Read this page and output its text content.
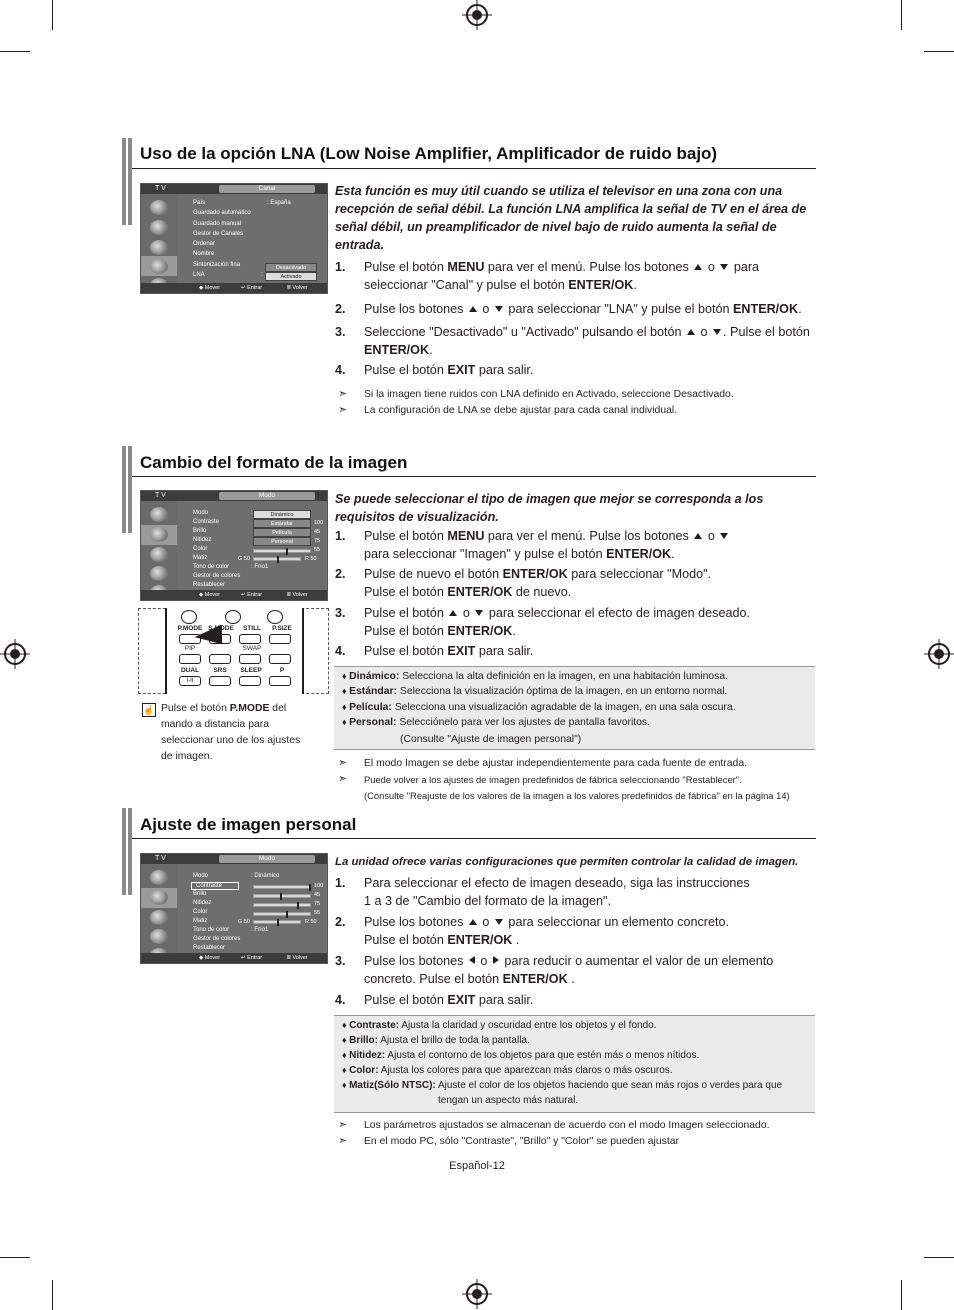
Uso de la opción LNA (Low Noise Amplifier, Amplificador de ruido bajo)
T V	Canal
País	: España
Guardado automático
Guardado manual
Gestor de Canales
Ordenar
Nombre
Sintonización fina
LNA	:
Desactivado
Activado
◆ Mover	↵ Entrar	Ⅲ Volver
Esta función es muy útil cuando se utiliza el televisor en una zona con una recepción de señal débil. La función LNA amplifica la señal de TV en el área de señal débil, un preamplificador de nivel bajo de ruido aumenta la señal de entrada.
1. Pulse el botón MENU para ver el menú. Pulse los botones  o  para seleccionar "Canal" y pulse el botón ENTER/OK.
2. Pulse los botones  o  para seleccionar "LNA" y pulse el botón ENTER/OK.
3. Seleccione "Desactivado" u "Activado" pulsando el botón  o . Pulse el botón ENTER/OK.
4. Pulse el botón EXIT para salir.
➣ Si la imagen tiene ruidos con LNA definido en Activado, seleccione Desactivado.
➣ La configuración de LNA se debe ajustar para cada canal individual.
Cambio del formato de la imagen
T V	Modo
Modo	:
Contraste
Brillo
Nitidez
Color
Matiz
Tono de color
Gestor de colores
Restablecer
Dinámico
Estándar
Película
Personal
100
45
75
55
G 50	R 50
: Frío1
◆ Mover	↵ Entrar	Ⅲ Volver
P.MODE S.MODE	STILL	P.SIZE
PIP	SWAP
DUAL	SRS	SLEEP	P
I-II
☝ Pulse el botón P.MODE del mando a distancia para seleccionar uno de los ajustes de imagen.
Se puede seleccionar el tipo de imagen que mejor se corresponda a los requisitos de visualización.
1. Pulse el botón MENU para ver el menú. Pulse los botones  o
para seleccionar "Imagen" y pulse el botón ENTER/OK.
2. Pulse de nuevo el botón ENTER/OK para seleccionar "Modo".
Pulse el botón ENTER/OK de nuevo.
3. Pulse el botón  o  para seleccionar el efecto de imagen deseado.
Pulse el botón ENTER/OK.
4. Pulse el botón EXIT para salir.
♦ Dinámico: Selecciona la alta definición en la imagen, en una habitación luminosa.
♦ Estándar: Selecciona la visualización óptima de la imagen, en un entorno normal.
♦ Película: Selecciona una visualización agradable de la imagen, en una sala oscura.
♦ Personal: Selecciónelo para ver los ajustes de pantalla favoritos.
(Consulte "Ajuste de imagen personal")
➣ El modo Imagen se debe ajustar independientemente para cada fuente de entrada.
➣ Puede volver a los ajustes de imagen predefinidos de fábrica seleccionando "Restablecer".
(Consulte "Reajuste de los valores de la imagen a los valores predefinidos de fábrica" en la página 14)
Ajuste de imagen personal
T V	Modo
Modo	: Dinámico
Contraste
Brillo
Nitidez
Color
Matiz
Tono de color
Gestor de colores
Restablecer
100
45
75
55
G 50	R 50
: Frío1
◆ Mover	↵ Entrar	Ⅲ Volver
La unidad ofrece varias configuraciones que permiten controlar la calidad de imagen.
1. Para seleccionar el efecto de imagen deseado, siga las instrucciones
1 a 3 de "Cambio del formato de la imagen".
2. Pulse los botones  o  para seleccionar un elemento concreto.
Pulse el botón ENTER/OK .
3. Pulse los botones  o  para reducir o aumentar el valor de un elemento
concreto. Pulse el botón ENTER/OK .
4. Pulse el botón EXIT para salir.
♦ Contraste: Ajusta la claridad y oscuridad entre los objetos y el fondo.
♦ Brillo: Ajusta el brillo de toda la pantalla.
♦ Nitidez: Ajusta el contorno de los objetos para que estén más o menos nítidos.
♦ Color: Ajusta los colores para que aparezcan más claros o más oscuros.
♦ Matiz(Sólo NTSC): Ajuste el color de los objetos haciendo que sean más rojos o verdes para que
tengan un aspecto más natural.
➣ Los parámetros ajustados se almacenan de acuerdo con el modo Imagen seleccionado.
➣ En el modo PC, sólo "Contraste", "Brillo" y "Color" se pueden ajustar
Español-12
